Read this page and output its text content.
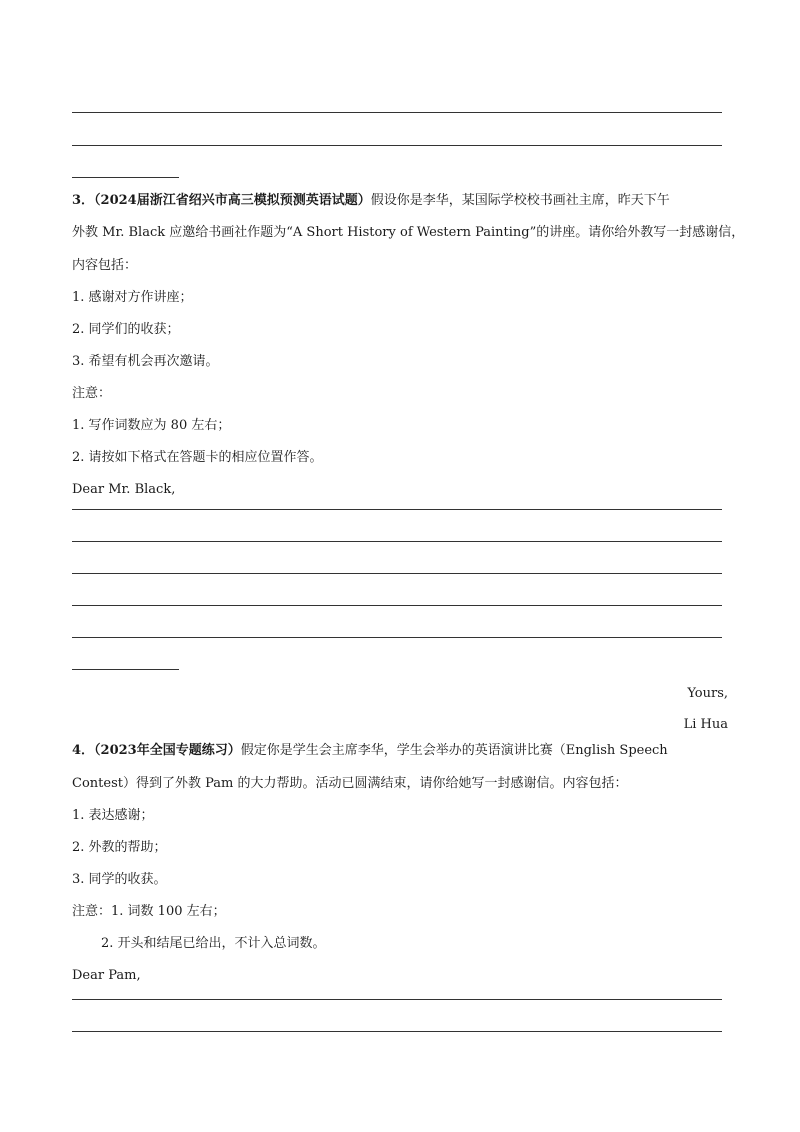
3．（2024届浙江省绍兴市高三模拟预测英语试题）假设你是李华，某国际学校校书画社主席，昨天下午
外教 Mr. Black 应邀给书画社作题为“A Short History of Western Painting”的讲座。请你给外教写一封感谢信，
内容包括：
1. 感谢对方作讲座；
2. 同学们的收获；
3. 希望有机会再次邀请。
注意：
1. 写作词数应为 80 左右；
2. 请按如下格式在答题卡的相应位置作答。
Dear Mr. Black,
Yours,
Li Hua
4．（2023年全国专题练习）假定你是学生会主席李华，学生会举办的英语演讲比赛（English Speech
Contest）得到了外教 Pam 的大力帮助。活动已圆满结束，请你给她写一封感谢信。内容包括：
1. 表达感谢；
2. 外教的帮助；
3. 同学的收获。
注意：1. 词数 100 左右；
2. 开头和结尾已给出，不计入总词数。
Dear Pam,
